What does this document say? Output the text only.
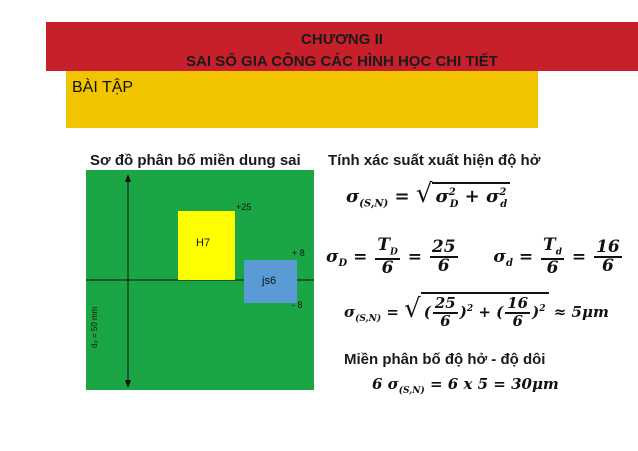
CHƯƠNG II
SAI SỐ GIA CÔNG CÁC HÌNH HỌC CHI TIẾT
BÀI TẬP
Sơ đồ phân bố miền dung sai Tính xác suất xuất hiện độ hở
+25
+ 8
- 8
H7
js6
d₀ = 50 mm
$\sigma_{(S,N)}$ = √ $\sigma^2_D + \sigma^2_d$
$\sigma_D = \frac{T_D}{6} = \frac{25}{6} \sigma_d = \frac{T_d}{6} = \frac{16}{6}$
$\sigma_{(S,N)}$ = √( $\frac{25}{6} )^2$ + ( $\frac{16}{6} )^2 \approx 5\mu m$
Miền phân bố độ hở - độ dôi
6 $\sigma_{(S,N)} = 6$ x 5 = 30μm
